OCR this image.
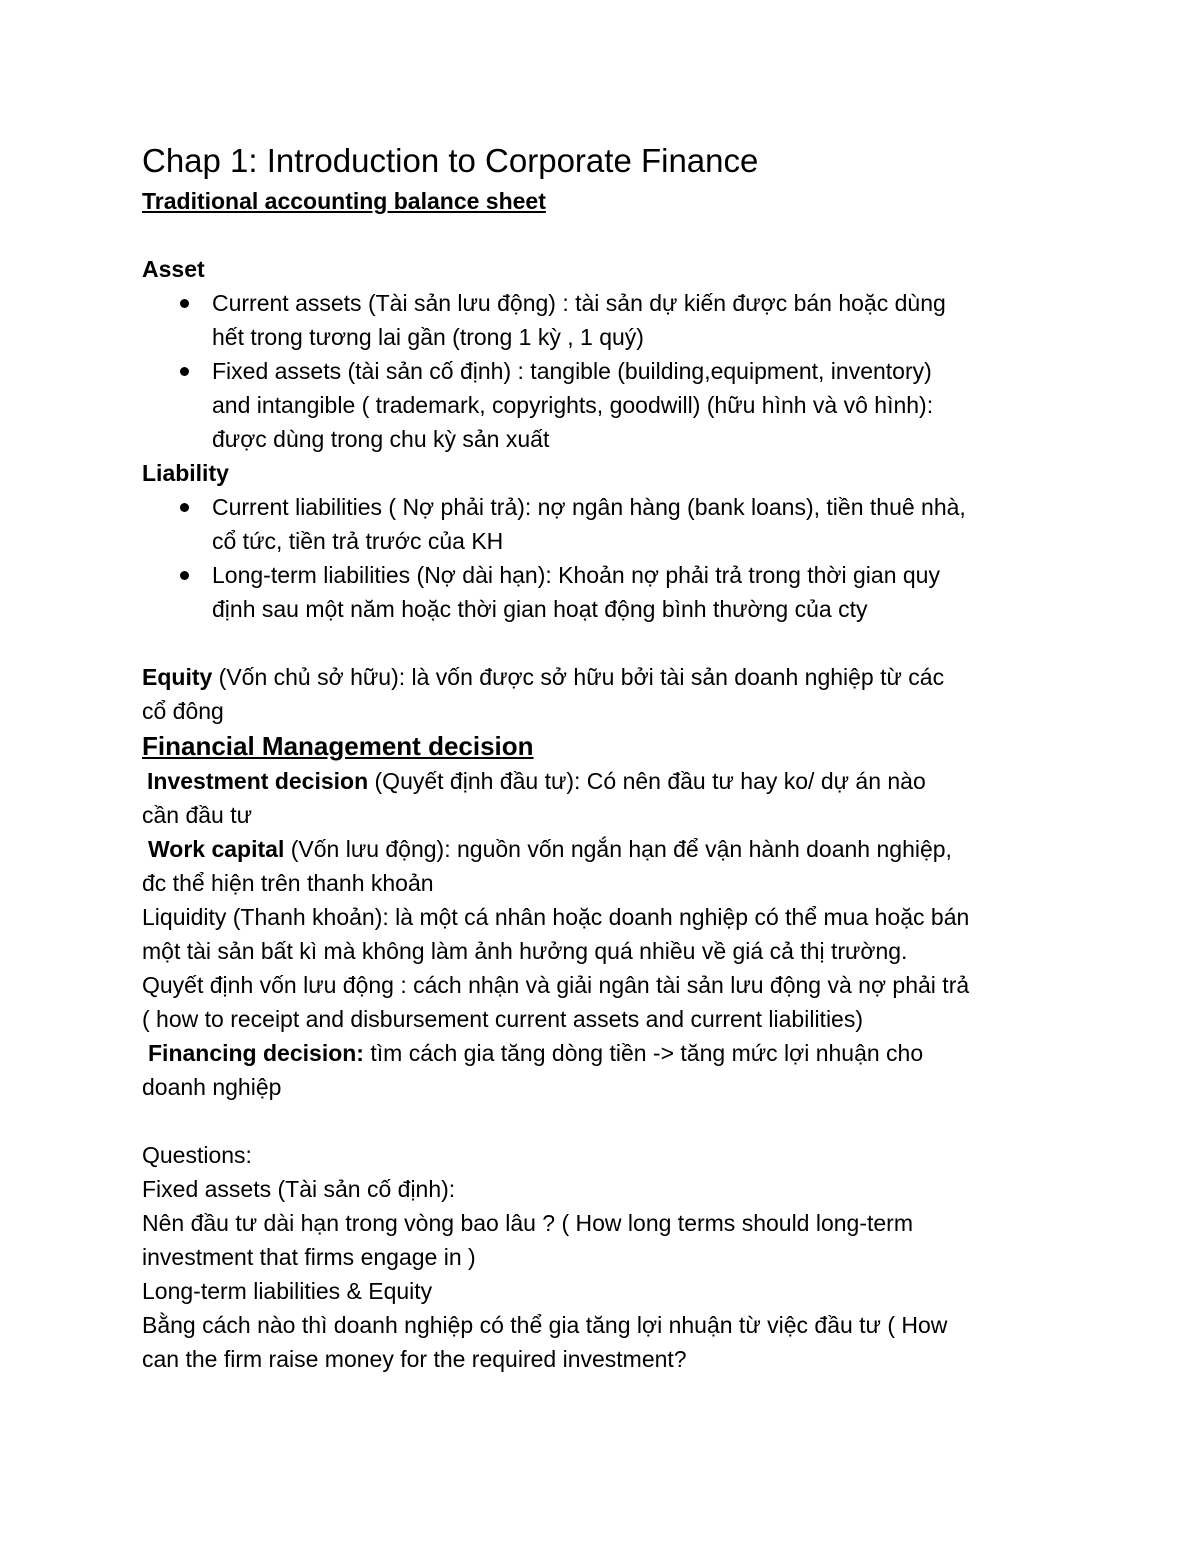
Chap 1: Introduction to Corporate Finance

Traditional accounting balance sheet

Asset

Current assets (Tài sản lưu động) : tài sản dự kiến được bán hoặc dùng
hết trong tương lai gần (trong 1 kỳ , 1 quý)
Fixed assets (tài sản cố định) : tangible (building,equipment, inventory)
and intangible ( trademark, copyrights, goodwill) (hữu hình và vô hình):
được dùng trong chu kỳ sản xuất

Liability

Current liabilities ( Nợ phải trả): nợ ngân hàng (bank loans), tiền thuê nhà,
cổ tức, tiền trả trước của KH
Long-term liabilities (Nợ dài hạn): Khoản nợ phải trả trong thời gian quy
định sau một năm hoặc thời gian hoạt động bình thường của cty

Equity (Vốn chủ sở hữu): là vốn được sở hữu bởi tài sản doanh nghiệp từ các

cổ đông

Financial Management decision

Investment decision (Quyết định đầu tư): Có nên đầu tư hay ko/ dự án nào

cần đầu tư

Work capital (Vốn lưu động): nguồn vốn ngắn hạn để vận hành doanh nghiệp,

đc thể hiện trên thanh khoản

Liquidity (Thanh khoản): là một cá nhân hoặc doanh nghiệp có thể mua hoặc bán

một tài sản bất kì mà không làm ảnh hưởng quá nhiều về giá cả thị trường.

Quyết định vốn lưu động : cách nhận và giải ngân tài sản lưu động và nợ phải trả

( how to receipt and disbursement current assets and current liabilities)

Financing decision: tìm cách gia tăng dòng tiền -> tăng mức lợi nhuận cho

doanh nghiệp

Questions:

Fixed assets (Tài sản cố định):

Nên đầu tư dài hạn trong vòng bao lâu ? ( How long terms should long-term

investment that firms engage in )

Long-term liabilities & Equity

Bằng cách nào thì doanh nghiệp có thể gia tăng lợi nhuận từ việc đầu tư ( How

can the firm raise money for the required investment?
